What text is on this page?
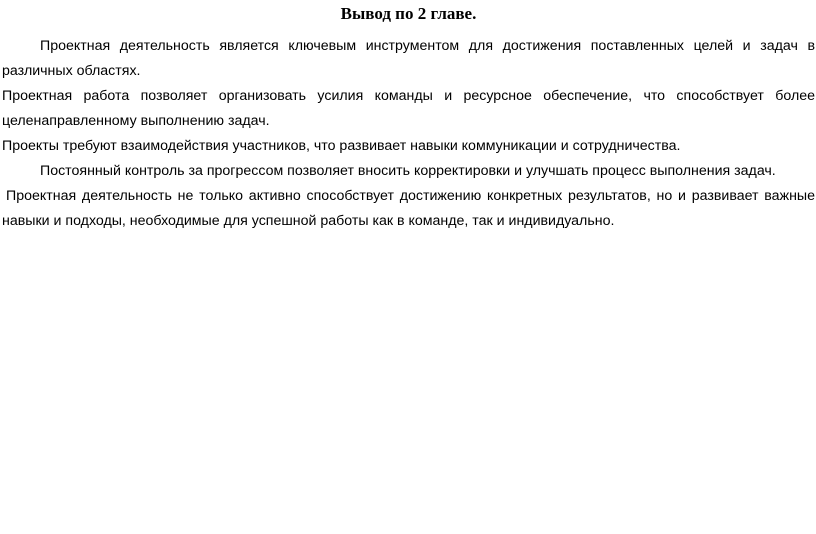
Вывод по 2 главе.

Проектная деятельность является ключевым инструментом для достижения поставленных целей и задач в различных областях.

Проектная работа позволяет организовать усилия команды и ресурсное обеспечение, что способствует более целенаправленному выполнению задач.

Проекты требуют взаимодействия участников, что развивает навыки коммуникации и сотрудничества.

Постоянный контроль за прогрессом позволяет вносить корректировки и улучшать процесс выполнения задач.

Проектная деятельность не только активно способствует достижению конкретных результатов, но и развивает важные навыки и подходы, необходимые для успешной работы как в команде, так и индивидуально.
